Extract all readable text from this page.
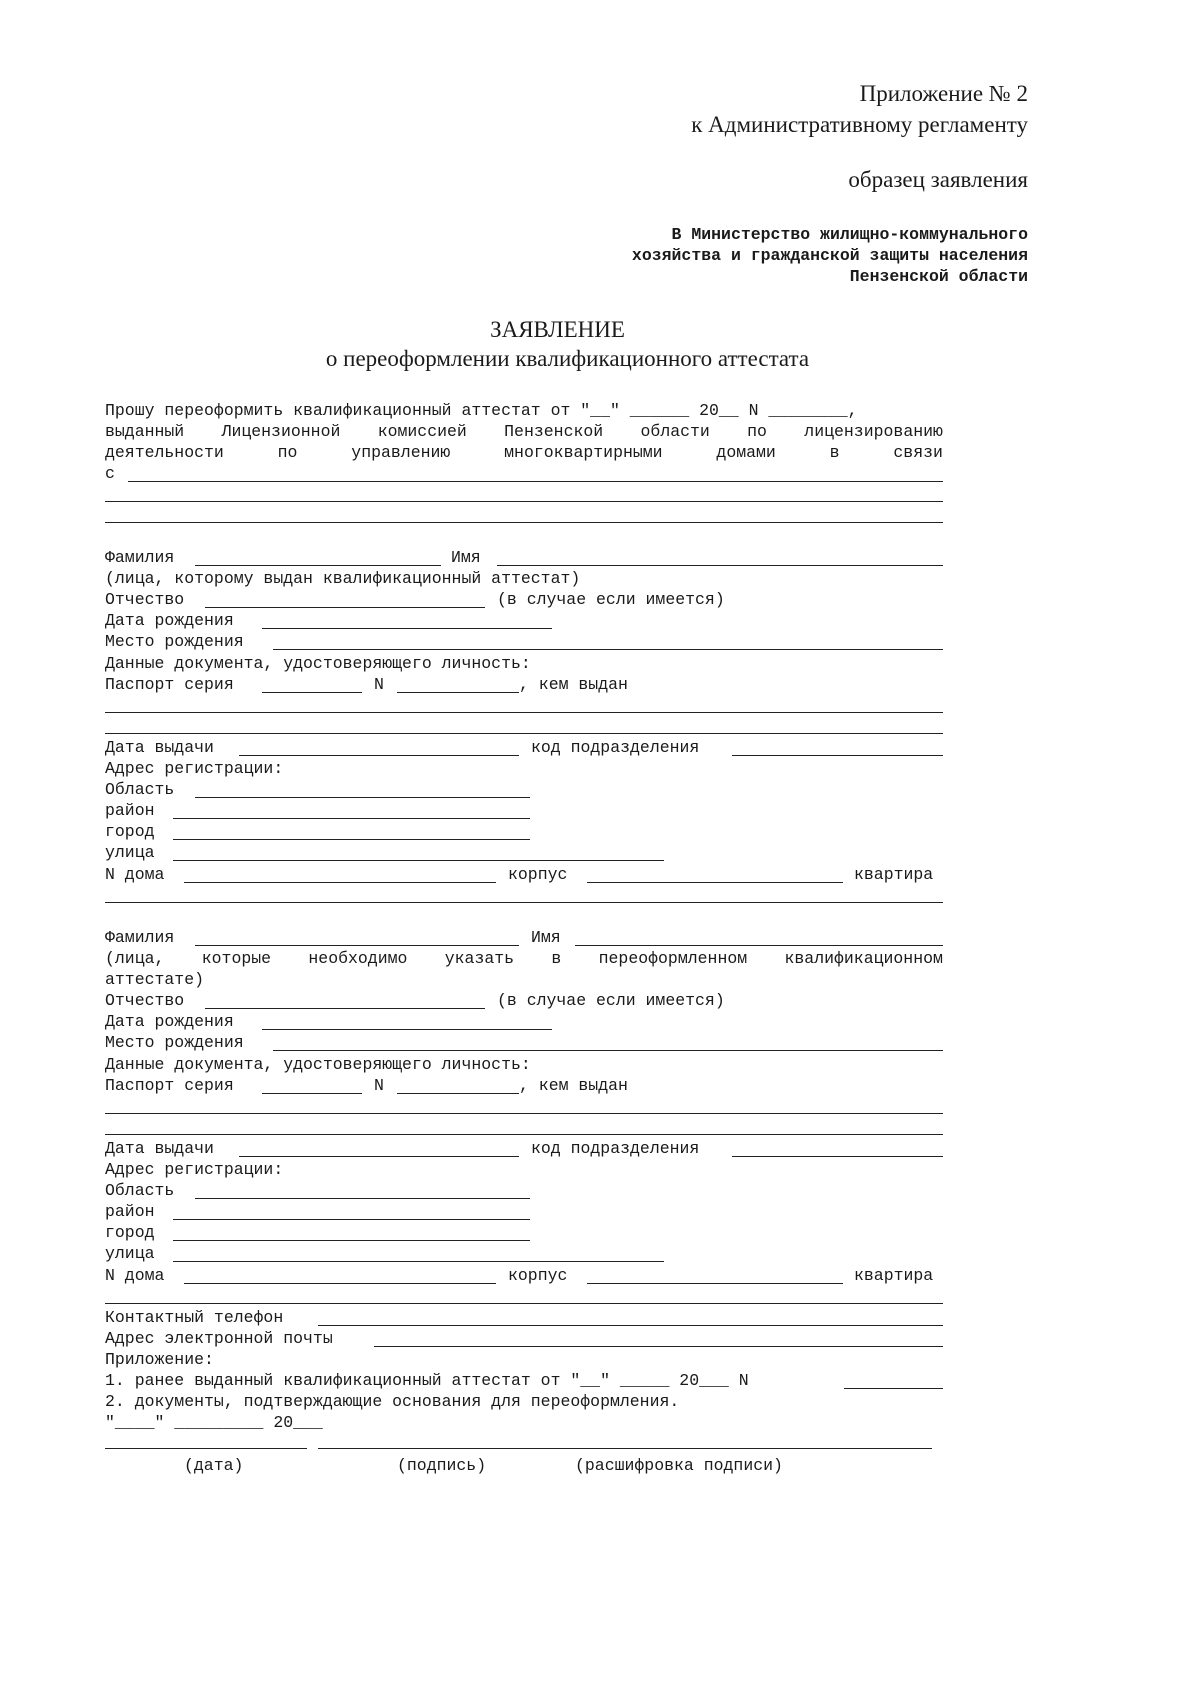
Приложение № 2
к Административному регламенту
образец заявления
В Министерство жилищно-коммунального
хозяйства и гражданской защиты населения
Пензенской области
ЗАЯВЛЕНИЕ
о переоформлении квалификационного аттестата
Прошу переоформить квалификационный аттестат от "__" ______ 20__ N ________,
выданный Лицензионной комиссией Пензенской области по лицензированию
деятельности	по	управлению	многоквартирными	домами	в	связи
с
Фамилия	Имя
(лица, которому выдан квалификационный аттестат)
Отчество	(в случае если имеется)
Дата рождения
Место рождения
Данные документа, удостоверяющего личность:
Паспорт серия	N	, кем выдан
Дата выдачи	код подразделения
Адрес регистрации:
Область
район
город
улица
N дома	корпус	квартира
Фамилия	Имя
(лица, которые необходимо указать в переоформленном квалификационном
аттестате)
Отчество	(в случае если имеется)
Дата рождения
Место рождения
Данные документа, удостоверяющего личность:
Паспорт серия	N	, кем выдан
Дата выдачи	код подразделения
Адрес регистрации:
Область
район
город
улица
N дома	корпус	квартира
Контактный телефон
Адрес электронной почты
Приложение:
1. ранее выданный квалификационный аттестат от "__" _____ 20___ N
2. документы, подтверждающие основания для переоформления.
"____" _________ 20___
(дата)	(подпись)	(расшифровка подписи)
